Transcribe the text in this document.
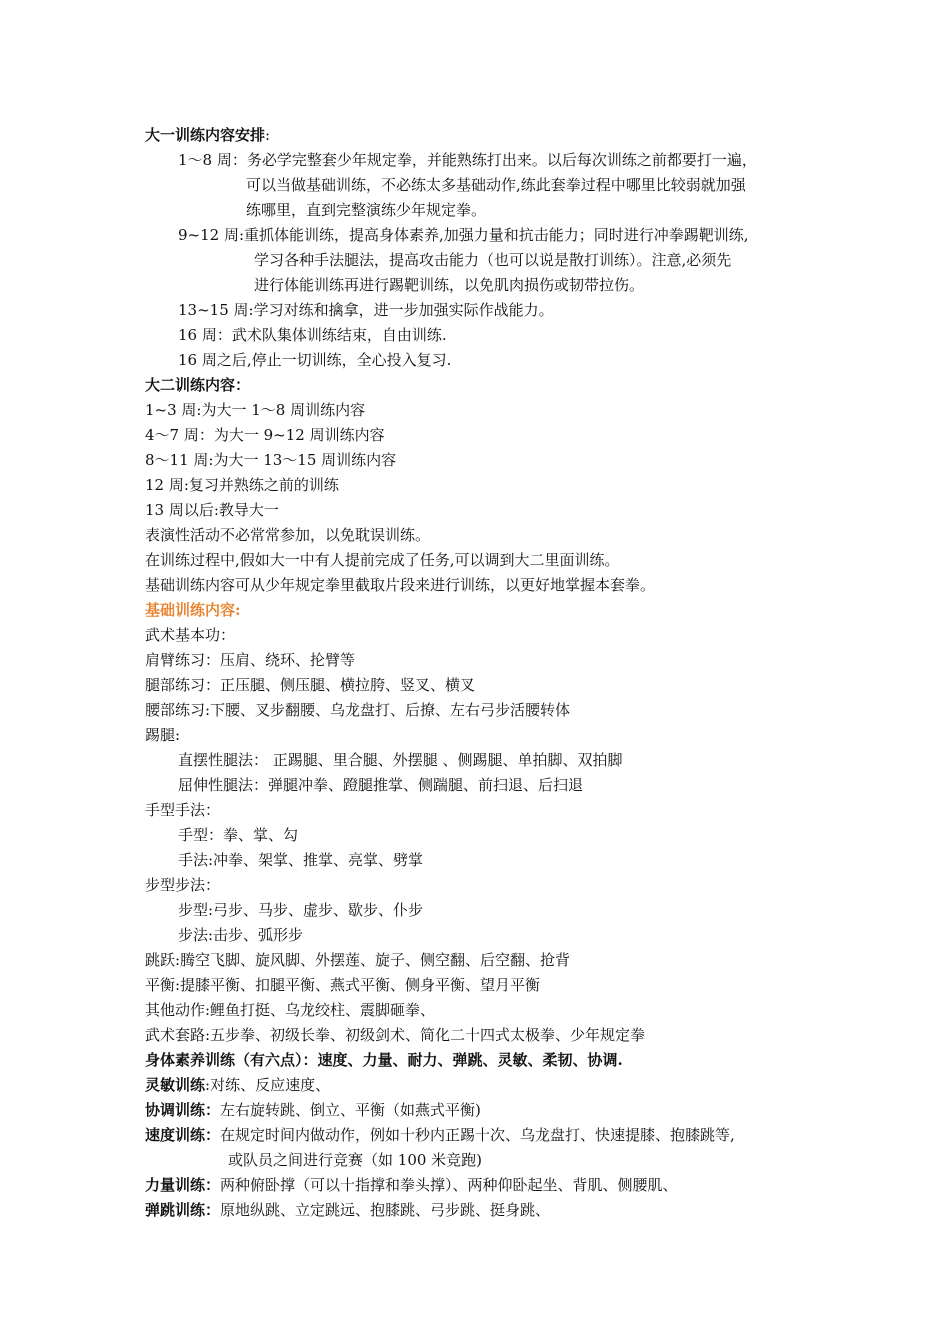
大一训练内容安排:
1～8 周：务必学完整套少年规定拳，并能熟练打出来。以后每次训练之前都要打一遍，
可以当做基础训练，不必练太多基础动作,练此套拳过程中哪里比较弱就加强
练哪里，直到完整演练少年规定拳。
9~12 周:重抓体能训练，提高身体素养,加强力量和抗击能力；同时进行冲拳踢靶训练,
学习各种手法腿法，提高攻击能力（也可以说是散打训练）。注意,必须先
进行体能训练再进行踢靶训练，以免肌肉损伤或韧带拉伤。
13~15 周:学习对练和擒拿，进一步加强实际作战能力。
16 周：武术队集体训练结束，自由训练.
16 周之后,停止一切训练，全心投入复习.
大二训练内容：
1~3 周:为大一 1～8 周训练内容
4～7 周：为大一 9~12 周训练内容
8～11 周:为大一 13～15 周训练内容
12 周:复习并熟练之前的训练
13 周以后:教导大一
表演性活动不必常常参加，以免耽误训练。
在训练过程中,假如大一中有人提前完成了任务,可以调到大二里面训练。
基础训练内容可从少年规定拳里截取片段来进行训练，以更好地掌握本套拳。
基础训练内容:
武术基本功：
肩臂练习：压肩、绕环、抡臂等
腿部练习：正压腿、侧压腿、横拉胯、竖叉、横叉
腰部练习:下腰、叉步翻腰、乌龙盘打、后撩、左右弓步活腰转体
踢腿:
直摆性腿法： 正踢腿、里合腿、外摆腿 、侧踢腿、单拍脚、双拍脚
屈伸性腿法：弹腿冲拳、蹬腿推掌、侧踹腿、前扫退、后扫退
手型手法：
手型：拳、掌、勾
手法:冲拳、架掌、推掌、亮掌、劈掌
步型步法：
步型:弓步、马步、虚步、歇步、仆步
步法:击步、弧形步
跳跃:腾空飞脚、旋风脚、外摆莲、旋子、侧空翻、后空翻、抢背
平衡:提膝平衡、扣腿平衡、燕式平衡、侧身平衡、望月平衡
其他动作:鲤鱼打挺、乌龙绞柱、震脚砸拳、
武术套路:五步拳、初级长拳、初级剑术、简化二十四式太极拳、少年规定拳
身体素养训练（有六点）：速度、力量、耐力、弹跳、灵敏、柔韧、协调.
灵敏训练:对练、反应速度、
协调训练：左右旋转跳、倒立、平衡（如燕式平衡)
速度训练：在规定时间内做动作，例如十秒内正踢十次、乌龙盘打、快速提膝、抱膝跳等,
或队员之间进行竞赛（如 100 米竞跑)
力量训练：两种俯卧撑（可以十指撑和拳头撑）、两种仰卧起坐、背肌、侧腰肌、
弹跳训练：原地纵跳、立定跳远、抱膝跳、弓步跳、挺身跳、
